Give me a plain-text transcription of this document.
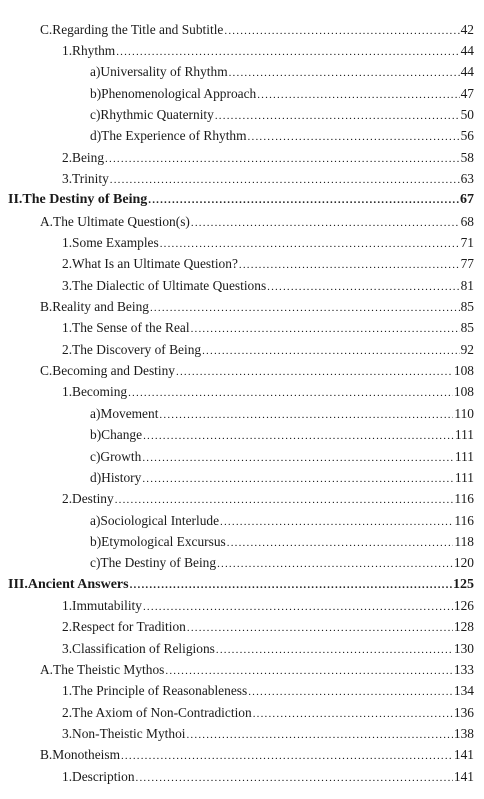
C. Regarding the Title and Subtitle .....	42
1. Rhythm .....	44
a) Universality of Rhythm .....	44
b) Phenomenological Approach .....	47
c) Rhythmic Quaternity .....	50
d) The Experience of Rhythm .....	56
2. Being .....	58
3. Trinity .....	63
II. The Destiny of Being .....	67
A. The Ultimate Question(s) .....	68
1. Some Examples .....	71
2. What Is an Ultimate Question? .....	77
3. The Dialectic of Ultimate Questions .....	81
B. Reality and Being .....	85
1. The Sense of the Real .....	85
2. The Discovery of Being .....	92
C. Becoming and Destiny .....	108
1. Becoming .....	108
a) Movement .....	110
b) Change .....	111
c) Growth .....	111
d) History .....	111
2. Destiny .....	116
a) Sociological Interlude .....	116
b) Etymological Excursus .....	118
c) The Destiny of Being .....	120
III. Ancient Answers .....	125
1. Immutability .....	126
2. Respect for Tradition .....	128
3. Classification of Religions .....	130
A. The Theistic Mythos .....	133
1. The Principle of Reasonableness .....	134
2. The Axiom of Non-Contradiction .....	136
3. Non-Theistic Mythoi .....	138
B. Monotheism .....	141
1. Description .....	141
